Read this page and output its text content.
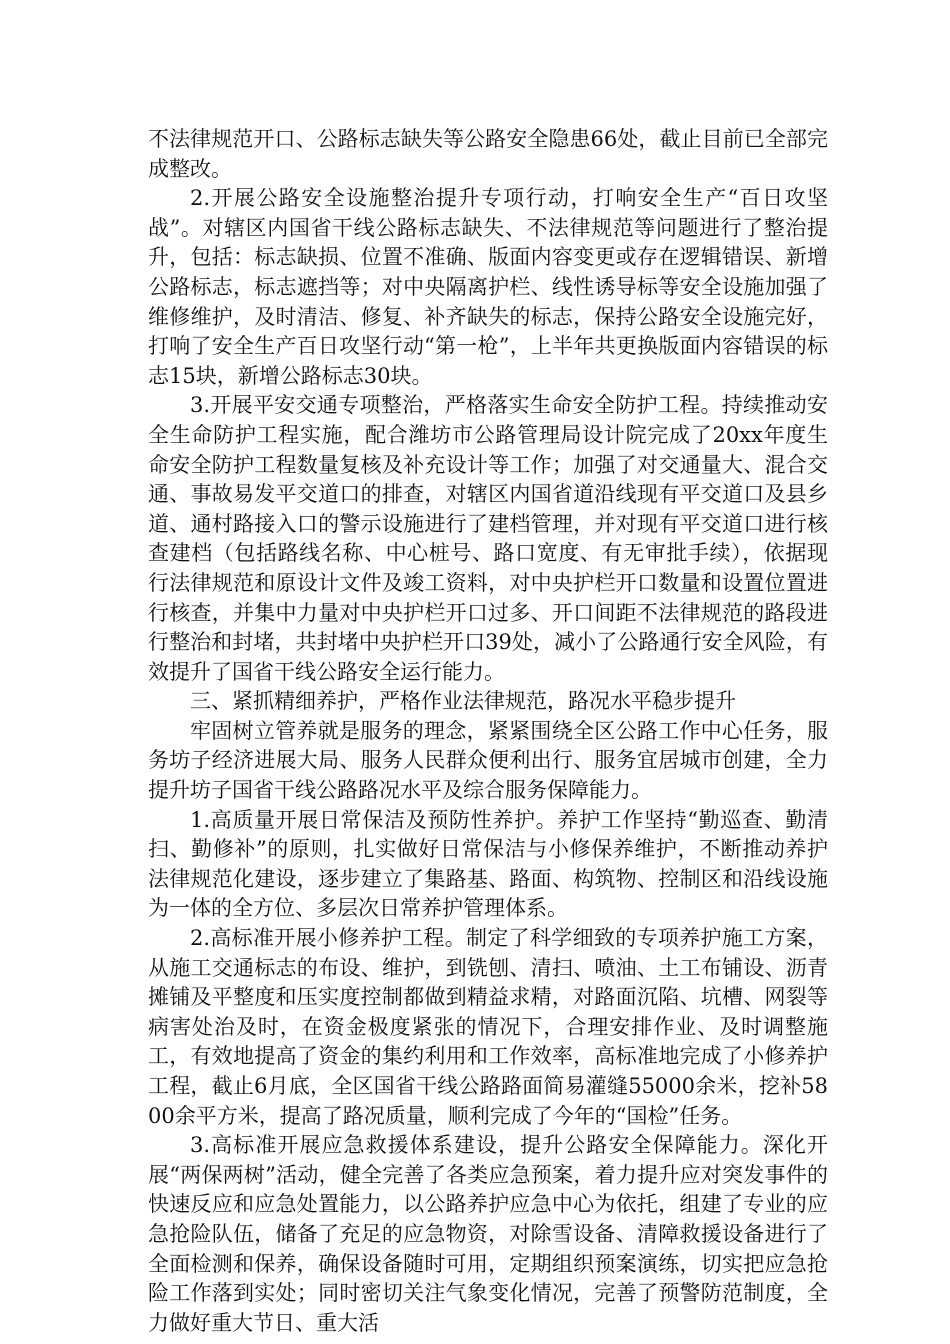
不法律规范开口、公路标志缺失等公路安全隐患66处，截止目前已全部完成整改。

2.开展公路安全设施整治提升专项行动，打响安全生产“百日攻坚战”。对辖区内国省干线公路标志缺失、不法律规范等问题进行了整治提升，包括：标志缺损、位置不准确、版面内容变更或存在逻辑错误、新增公路标志，标志遮挡等；对中央隔离护栏、线性诱导标等安全设施加强了维修维护，及时清洁、修复、补齐缺失的标志，保持公路安全设施完好，打响了安全生产百日攻坚行动“第一枪”，上半年共更换版面内容错误的标志15块，新增公路标志30块。

3.开展平安交通专项整治，严格落实生命安全防护工程。持续推动安全生命防护工程实施，配合潍坊市公路管理局设计院完成了20xx年度生命安全防护工程数量复核及补充设计等工作；加强了对交通量大、混合交通、事故易发平交道口的排查，对辖区内国省道沿线现有平交道口及县乡道、通村路接入口的警示设施进行了建档管理，并对现有平交道口进行核查建档（包括路线名称、中心桩号、路口宽度、有无审批手续），依据现行法律规范和原设计文件及竣工资料，对中央护栏开口数量和设置位置进行核查，并集中力量对中央护栏开口过多、开口间距不法律规范的路段进行整治和封堵，共封堵中央护栏开口39处，减小了公路通行安全风险，有效提升了国省干线公路安全运行能力。

三、紧抓精细养护，严格作业法律规范，路况水平稳步提升

牢固树立管养就是服务的理念，紧紧围绕全区公路工作中心任务，服务坊子经济进展大局、服务人民群众便利出行、服务宜居城市创建，全力提升坊子国省干线公路路况水平及综合服务保障能力。

1.高质量开展日常保洁及预防性养护。养护工作坚持“勤巡查、勤清扫、勤修补”的原则，扎实做好日常保洁与小修保养维护，不断推动养护法律规范化建设，逐步建立了集路基、路面、构筑物、控制区和沿线设施为一体的全方位、多层次日常养护管理体系。

2.高标准开展小修养护工程。制定了科学细致的专项养护施工方案，从施工交通标志的布设、维护，到铣刨、清扫、喷油、土工布铺设、沥青摊铺及平整度和压实度控制都做到精益求精，对路面沉陷、坑槽、网裂等病害处治及时，在资金极度紧张的情况下，合理安排作业、及时调整施工，有效地提高了资金的集约利用和工作效率，高标准地完成了小修养护工程，截止6月底，全区国省干线公路路面简易灌缝55000余米，挖补5800余平方米，提高了路况质量，顺利完成了今年的“国检”任务。

3.高标准开展应急救援体系建设，提升公路安全保障能力。深化开展“两保两树”活动，健全完善了各类应急预案，着力提升应对突发事件的快速反应和应急处置能力，以公路养护应急中心为依托，组建了专业的应急抢险队伍，储备了充足的应急物资，对除雪设备、清障救援设备进行了全面检测和保养，确保设备随时可用，定期组织预案演练，切实把应急抢险工作落到实处；同时密切关注气象变化情况，完善了预警防范制度，全力做好重大节日、重大活
